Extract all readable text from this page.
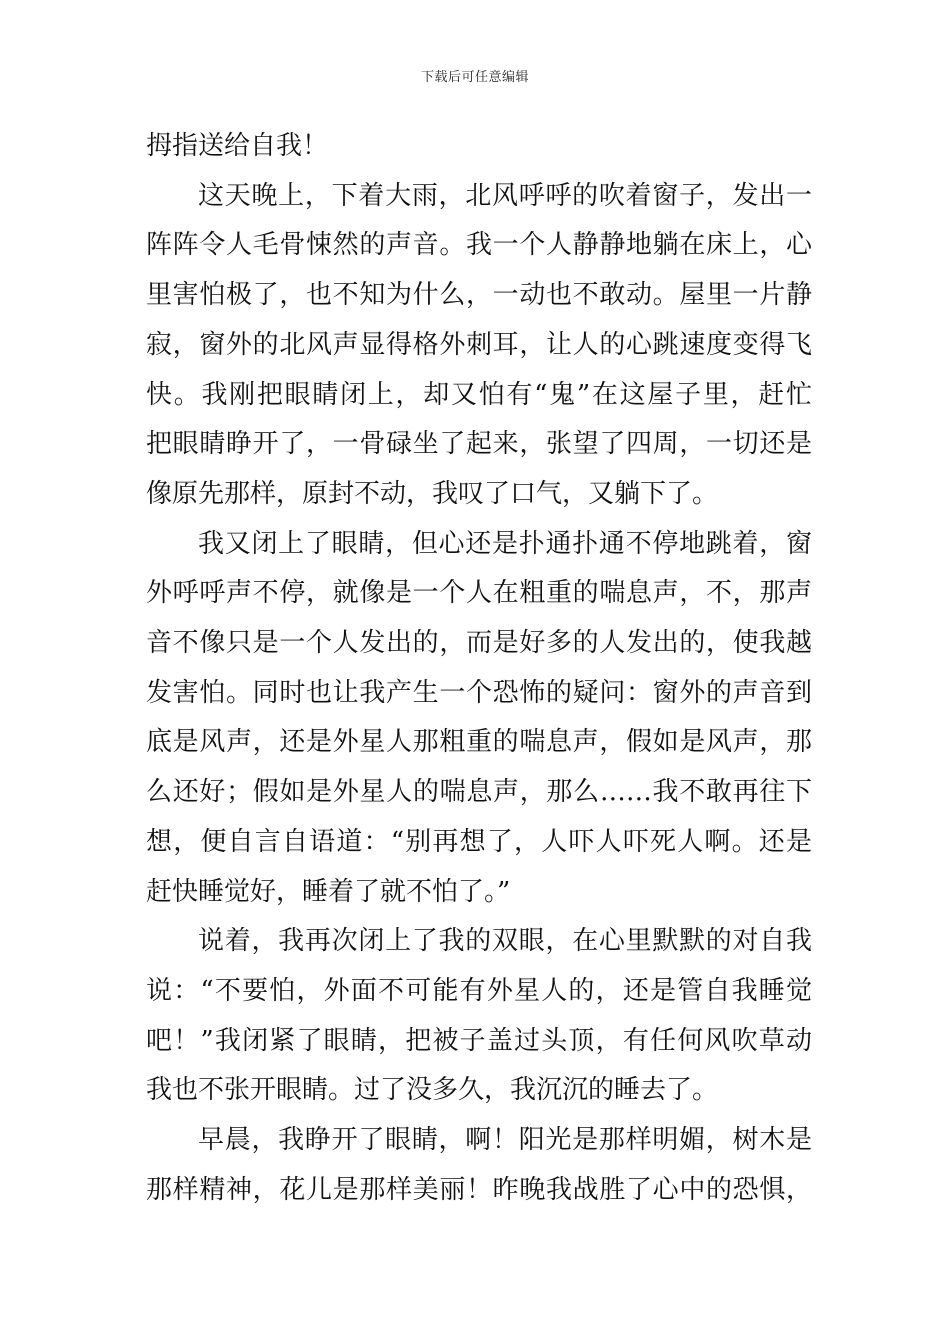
下载后可任意编辑
拇指送给自我！
这天晚上，下着大雨，北风呼呼的吹着窗子，发出一
阵阵令人毛骨悚然的声音。我一个人静静地躺在床上，心
里害怕极了，也不知为什么，一动也不敢动。屋里一片静
寂，窗外的北风声显得格外刺耳，让人的心跳速度变得飞
快。我刚把眼睛闭上，却又怕有“鬼”在这屋子里，赶忙
把眼睛睁开了，一骨碌坐了起来，张望了四周，一切还是
像原先那样，原封不动，我叹了口气，又躺下了。
我又闭上了眼睛，但心还是扑通扑通不停地跳着，窗
外呼呼声不停，就像是一个人在粗重的喘息声，不，那声
音不像只是一个人发出的，而是好多的人发出的，使我越
发害怕。同时也让我产生一个恐怖的疑问：窗外的声音到
底是风声，还是外星人那粗重的喘息声，假如是风声，那
么还好；假如是外星人的喘息声，那么……我不敢再往下
想，便自言自语道：“别再想了，人吓人吓死人啊。还是
赶快睡觉好，睡着了就不怕了。”
说着，我再次闭上了我的双眼，在心里默默的对自我
说：“不要怕，外面不可能有外星人的，还是管自我睡觉
吧！”我闭紧了眼睛，把被子盖过头顶，有任何风吹草动
我也不张开眼睛。过了没多久，我沉沉的睡去了。
早晨，我睁开了眼睛，啊！阳光是那样明媚，树木是
那样精神，花儿是那样美丽！昨晚我战胜了心中的恐惧，
